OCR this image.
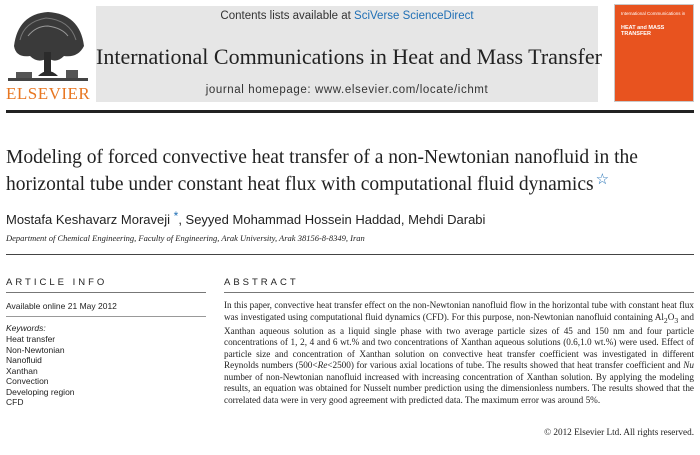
ELSEVIER
Contents lists available at SciVerse ScienceDirect
International Communications in Heat and Mass Transfer
journal homepage: www.elsevier.com/locate/ichmt
International Communications in
HEAT and MASS TRANSFER
Modeling of forced convective heat transfer of a non-Newtonian nanofluid in the horizontal tube under constant heat flux with computational fluid dynamics ☆
Mostafa Keshavarz Moraveji *, Seyyed Mohammad Hossein Haddad, Mehdi Darabi
Department of Chemical Engineering, Faculty of Engineering, Arak University, Arak 38156-8-8349, Iran
ARTICLE INFO
Available online 21 May 2012
Keywords:
Heat transfer
Non-Newtonian
Nanofluid
Xanthan
Convection
Developing region
CFD
ABSTRACT
In this paper, convective heat transfer effect on the non-Newtonian nanofluid flow in the horizontal tube with constant heat flux was investigated using computational fluid dynamics (CFD). For this purpose, non-Newtonian nanofluid containing $Al_2O_3$ and Xanthan aqueous solution as a liquid single phase with two average particle sizes of 45 and 150 nm and four particle concentrations of 1, 2, 4 and 6 wt.% and two concentrations of Xanthan aqueous solutions (0.6,1.0 wt.%) were used. Effect of particle size and concentration of Xanthan solution on convective heat transfer coefficient was investigated in different Reynolds numbers (500<Re<2500) for various axial locations of tube. The results showed that heat transfer coefficient and Nu number of non-Newtonian nanofluid increased with increasing concentration of Xanthan solution. By applying the modeling results, an equation was obtained for Nusselt number prediction using the dimensionless numbers. The results showed that the correlated data were in very good agreement with predicted data. The maximum error was around 5%.
© 2012 Elsevier Ltd. All rights reserved.
